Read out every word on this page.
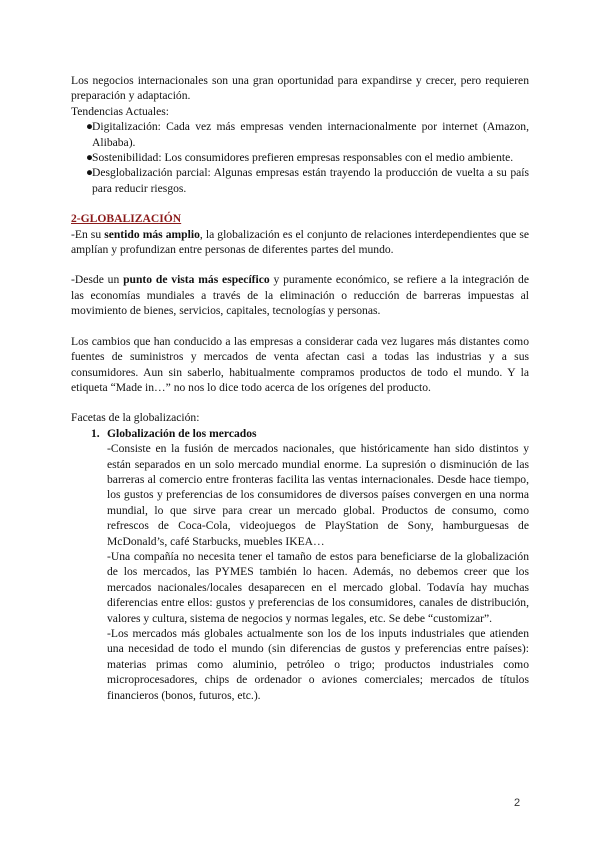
Los negocios internacionales son una gran oportunidad para expandirse y crecer, pero requieren preparación y adaptación.

Tendencias Actuales:

●
Digitalización: Cada vez más empresas venden internacionalmente por internet (Amazon, Alibaba).
●
Sostenibilidad: Los consumidores prefieren empresas responsables con el medio ambiente.
●
Desglobalización parcial: Algunas empresas están trayendo la producción de vuelta a su país para reducir riesgos.
2-GLOBALIZACIÓN

-En su sentido más amplio, la globalización es el conjunto de relaciones interdependientes que se amplían y profundizan entre personas de diferentes partes del mundo.

-Desde un punto de vista más específico y puramente económico, se refiere a la integración de las economías mundiales a través de la eliminación o reducción de barreras impuestas al movimiento de bienes, servicios, capitales, tecnologías y personas.

Los cambios que han conducido a las empresas a considerar cada vez lugares más distantes como fuentes de suministros y mercados de venta afectan casi a todas las industrias y a sus consumidores. Aun sin saberlo, habitualmente compramos productos de todo el mundo. Y la etiqueta “Made in…” no nos lo dice todo acerca de los orígenes del producto.

Facetas de la globalización:

1. Globalización de los mercados

-Consiste en la fusión de mercados nacionales, que históricamente han sido distintos y están separados en un solo mercado mundial enorme. La supresión o disminución de las barreras al comercio entre fronteras facilita las ventas internacionales. Desde hace tiempo, los gustos y preferencias de los consumidores de diversos países convergen en una norma mundial, lo que sirve para crear un mercado global. Productos de consumo, como refrescos de Coca-Cola, videojuegos de PlayStation de Sony, hamburguesas de McDonald’s, café Starbucks, muebles IKEA…

-Una compañía no necesita tener el tamaño de estos para beneficiarse de la globalización de los mercados, las PYMES también lo hacen. Además, no debemos creer que los mercados nacionales/locales desaparecen en el mercado global. Todavía hay muchas diferencias entre ellos: gustos y preferencias de los consumidores, canales de distribución, valores y cultura, sistema de negocios y normas legales, etc. Se debe “customizar”.

-Los mercados más globales actualmente son los de los inputs industriales que atienden una necesidad de todo el mundo (sin diferencias de gustos y preferencias entre países): materias primas como aluminio, petróleo o trigo; productos industriales como microprocesadores, chips de ordenador o aviones comerciales; mercados de títulos financieros (bonos, futuros, etc.).

2
